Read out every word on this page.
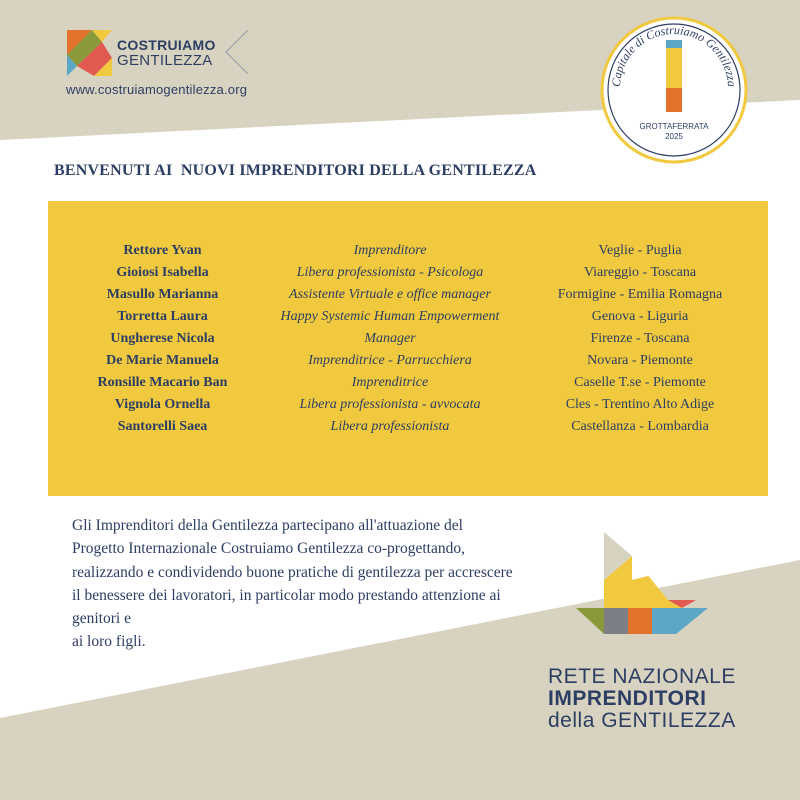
COSTRUIAMO
GENTILEZZA
www.costruiamogentilezza.org	Capitale di Costruiamo Gentilezza
GROTTAFERRATA
2025
BENVENUTI AI  NUOVI IMPRENDITORI DELLA GENTILEZZA
Rettore Yvan
Gioiosi Isabella
Masullo Marianna
Torretta Laura
Ungherese Nicola
De Marie Manuela
Ronsille Macario Ban
Vignola Ornella
Santorelli Saea
Imprenditore
Libera professionista - Psicologa
Assistente Virtuale e office manager
Happy Systemic Human Empowerment
Manager
Imprenditrice - Parrucchiera
Imprenditrice
Libera professionista - avvocata
Libera professionista
Veglie - Puglia
Viareggio - Toscana
Formigine - Emilia Romagna
Genova - Liguria
Firenze - Toscana
Novara - Piemonte
Caselle T.se - Piemonte
Cles - Trentino Alto Adige
Castellanza - Lombardia
Gli Imprenditori della Gentilezza partecipano all'attuazione del
Progetto Internazionale Costruiamo Gentilezza co-progettando,
realizzando e condividendo buone pratiche di gentilezza per accrescere
il benessere dei lavoratori, in particolar modo prestando attenzione ai
genitori e
ai loro figli.
RETE NAZIONALE
IMPRENDITORI
della GENTILEZZA
